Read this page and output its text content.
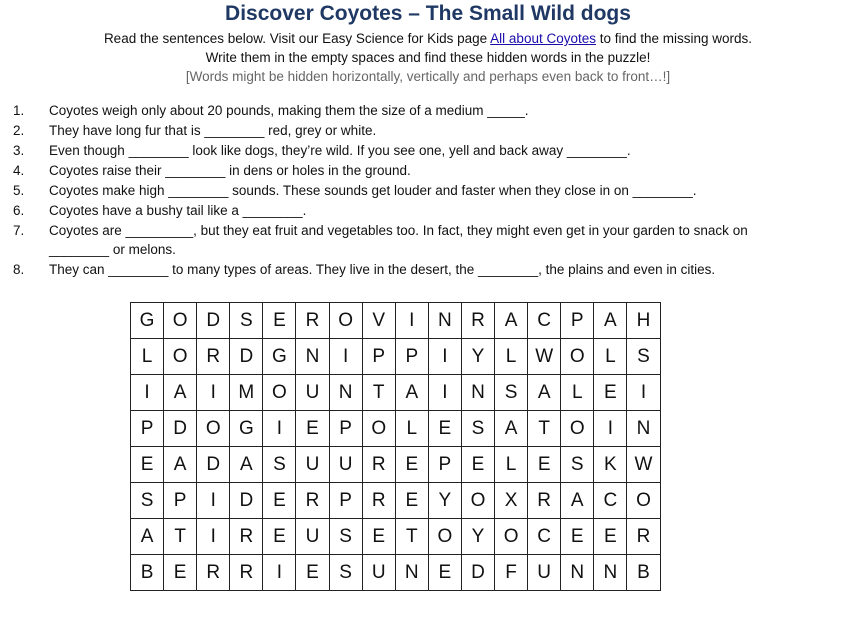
Discover Coyotes – The Small Wild dogs
Read the sentences below. Visit our Easy Science for Kids page All about Coyotes to find the missing words.
Write them in the empty spaces and find these hidden words in the puzzle!
[Words might be hidden horizontally, vertically and perhaps even back to front…!]
1. Coyotes weigh only about 20 pounds, making them the size of a medium _____.
2. They have long fur that is ________ red, grey or white.
3. Even though ________ look like dogs, they’re wild. If you see one, yell and back away ________.
4. Coyotes raise their ________ in dens or holes in the ground.
5. Coyotes make high ________ sounds. These sounds get louder and faster when they close in on ________.
6. Coyotes have a bushy tail like a ________.
7. Coyotes are _________, but they eat fruit and vegetables too. In fact, they might even get in your garden to snack on
________ or melons.
8. They can ________ to many types of areas. They live in the desert, the ________, the plains and even in cities.
G	O	D	S	E	R	O	V	I	N	R	A	C	P	A	H
L	O	R	D	G	N	I	P	P	I	Y	L	W	O	L	S
I	A	I	M	O	U	N	T	A	I	N	S	A	L	E	I
P	D	O	G	I	E	P	O	L	E	S	A	T	O	I	N
E	A	D	A	S	U	U	R	E	P	E	L	E	S	K	W
S	P	I	D	E	R	P	R	E	Y	O	X	R	A	C	O
A	T	I	R	E	U	S	E	T	O	Y	O	C	E	E	R
B	E	R	R	I	E	S	U	N	E	D	F	U	N	N	B
